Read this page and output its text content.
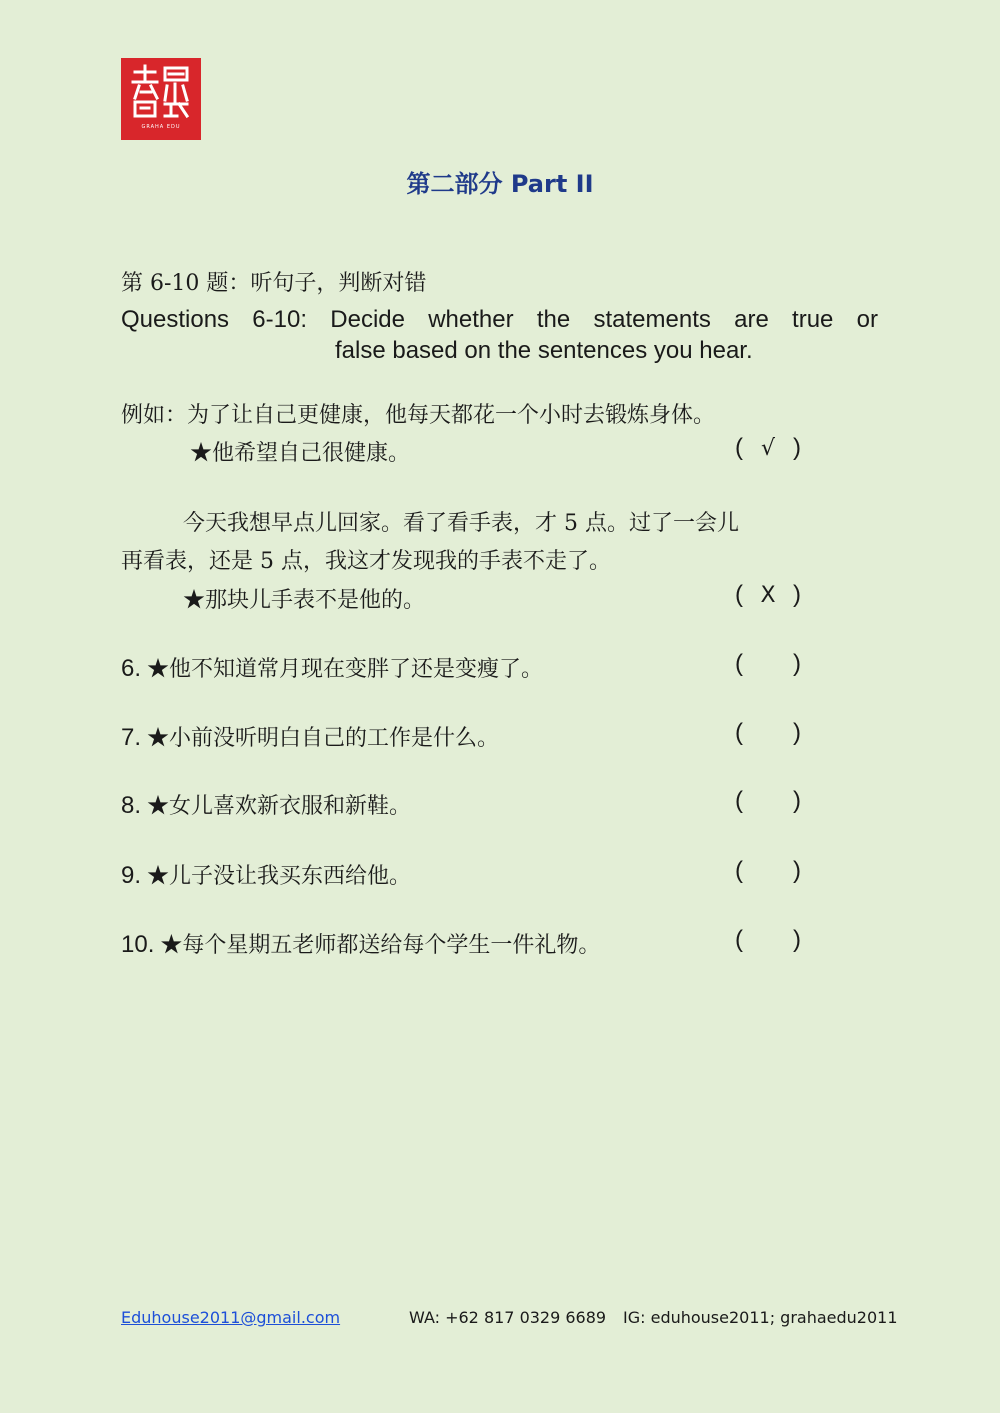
GRAHA EDU
第二部分 Part II
第 6-10 题：听句子，判断对错
Questions 6-10: Decide whether the statements are true or
false based on the sentences you hear.
例如：为了让自己更健康，他每天都花一个小时去锻炼身体。
★他希望自己很健康。	( √ )
今天我想早点儿回家。看了看手表，才 5 点。过了一会儿
再看表，还是 5 点，我这才发现我的手表不走了。
★那块儿手表不是他的。	( X )
6. ★他不知道常月现在变胖了还是变瘦了。	( )
7. ★小前没听明白自己的工作是什么。	( )
8. ★女儿喜欢新衣服和新鞋。	( )
9. ★儿子没让我买东西给他。	( )
10. ★每个星期五老师都送给每个学生一件礼物。	( )
Eduhouse2011@gmail.com	WA: +62 817 0329 6689 IG: eduhouse2011; grahaedu2011
